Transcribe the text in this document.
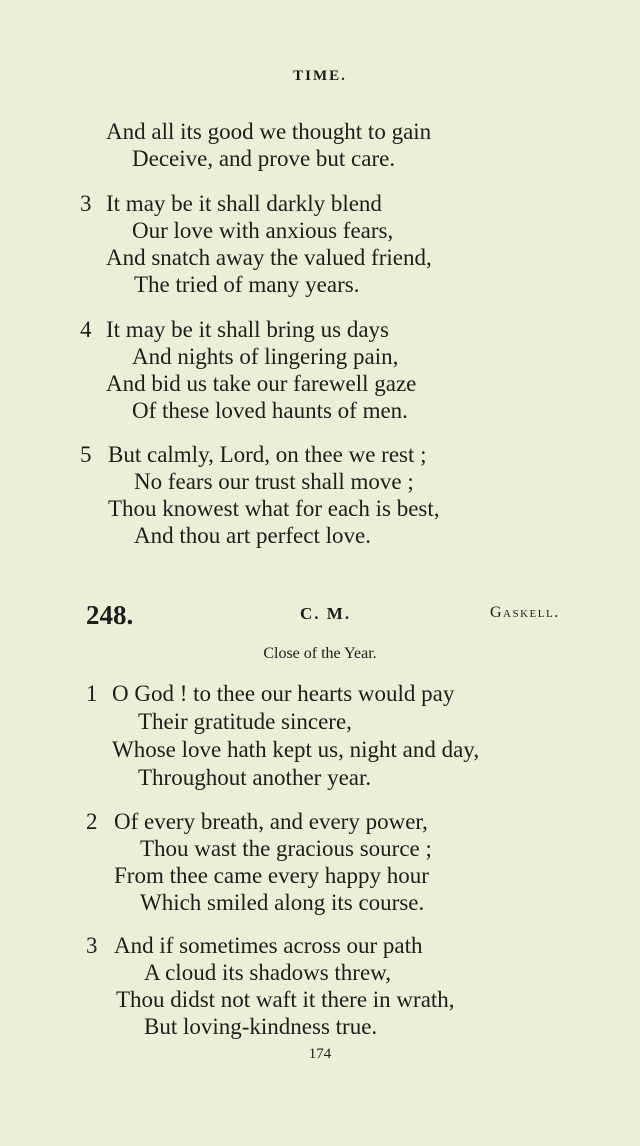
TIME.
And all its good we thought to gain
Deceive, and prove but care.
3 It may be it shall darkly blend
Our love with anxious fears,
And snatch away the valued friend,
The tried of many years.
4 It may be it shall bring us days
And nights of lingering pain,
And bid us take our farewell gaze
Of these loved haunts of men.
5 But calmly, Lord, on thee we rest ;
No fears our trust shall move ;
Thou knowest what for each is best,
And thou art perfect love.
248.	C. M.	Gaskell.
Close of the Year.
1 O God ! to thee our hearts would pay
Their gratitude sincere,
Whose love hath kept us, night and day,
Throughout another year.
2 Of every breath, and every power,
Thou wast the gracious source ;
From thee came every happy hour
Which smiled along its course.
3 And if sometimes across our path
A cloud its shadows threw,
Thou didst not waft it there in wrath,
But loving-kindness true.
174
